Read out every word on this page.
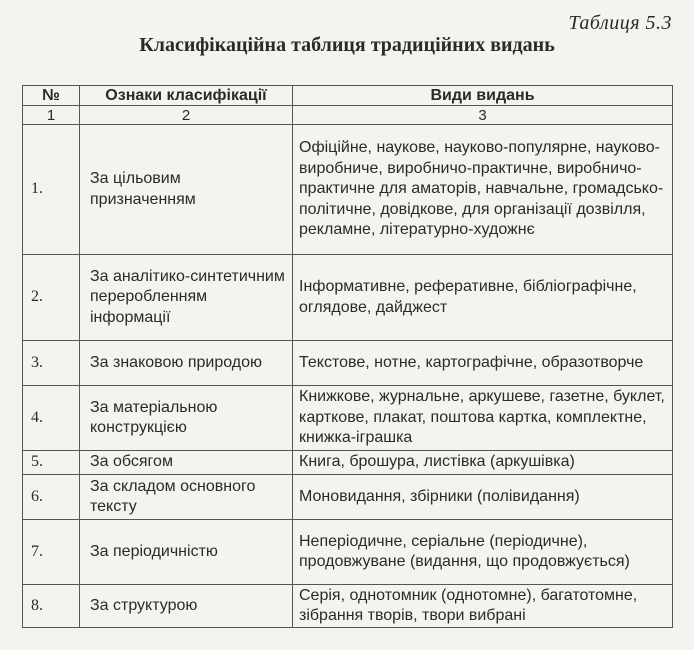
Таблиця 5.3
Класифікаційна таблиця традиційних видань
№	Ознаки класифікації	Види видань
1	2	3
1.	За цільовим призначенням	Офіційне, наукове, науково-популярне, науково-виробниче, виробничо-практичне, виробничо-практичне для аматорів, навчальне, громадсько-політичне, довідкове, для організації дозвілля, рекламне, літературно-художнє
2.	За аналітико-синтетичним переробленням інформації	Інформативне, реферативне, бібліографічне, оглядове, дайджест
3.	За знаковою природою	Текстове, нотне, картографічне, образотворче
4.	За матеріальною конструкцією	Книжкове, журнальне, аркушеве, газетне, буклет, карткове, плакат, поштова картка, комплектне, книжка-іграшка
5.	За обсягом	Книга, брошура, листівка (аркушівка)
6.	За складом основного тексту	Моновидання, збірники (полівидання)
7.	За періодичністю	Неперіодичне, серіальне (періодичне), продовжуване (видання, що продовжується)
8.	За структурою	Серія, однотомник (однотомне), багатотомне, зібрання творів, твори вибрані
